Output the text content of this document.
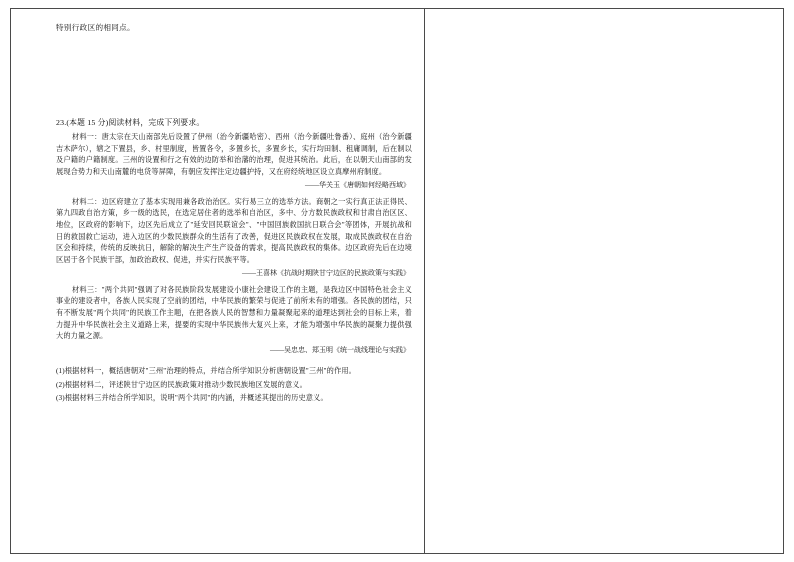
特别行政区的相同点。
23.(本题 15 分)阅读材料，完成下列要求。

材料一：唐太宗在天山南部先后设置了伊州（治今新疆哈密）、西州（治今新疆吐鲁番）、庭州（治今新疆吉木萨尔），辖之下置县，乡、村里制度，皆置各令，多置乡长，多置乡长，实行均田制、租庸调制，后在制以及户籍的户籍制度。三州的设置和行之有效的边防举和治藩的治理，促进其统治。此后，在以朝天山南部的发展现合势力和天山南麓的电货等屏障，有朝应发挥注定边疆护持，又在府经统地区设立真摩州府制度。

——华关玉《唐朝如何经略西域》

材料二：边区府建立了基本实现用兼各政治治区。实行易三立的选举方法。商朝之一实行真正法正得民、第九四政自治方策，乡一级的选民，在选定居住者的选举和自治区，多中、分方数民族政权和甘肃自治区区、地位，区政府的影响下，边区先后成立了"延安回民联谊会"、"中国回族救国抗日联合会"等团体，开展抗战和日的救国救亡运动，进入边区的少数民族群众的生活有了改善，促进区民族政权在发展，取成民族政权在自治区会和持续，传统的反映抗日，解除的解决生产生产设备的需求，提高民族政权的集体。边区政府先后在边境区居于各个民族干部，加政治政权、促进，并实行民族平等。

——王喜林《抗战时期陕甘宁边区的民族政策与实践》

材料三："两个共同"强调了对各民族阶段发展建设小康社会建设工作的主题，是我边区中国特色社会主义事业的建设者中，各族人民实现了空前的团结，中华民族的繁荣与促进了前所未有的增强。各民族的团结，只有不断发展"两个共同"的民族工作主题，在把各族人民的智慧和力量凝聚起来的道理达到社会的目标上来，着力提升中华民族社会主义道路上来，提要的实现中华民族伟大复兴上来，才能为增强中华民族的凝聚力提供强大的力量之源。

——吴忠忠、郑玉明《统一战线理论与实践》

(1)根据材料一，概括唐朝对"三州"治理的特点，并结合所学知识分析唐朝设置"三州"的作用。

(2)根据材料二，评述陕甘宁边区的民族政策对推动少数民族地区发展的意义。

(3)根据材料三并结合所学知识，说明"两个共同"的内涵，并概述其提出的历史意义。
